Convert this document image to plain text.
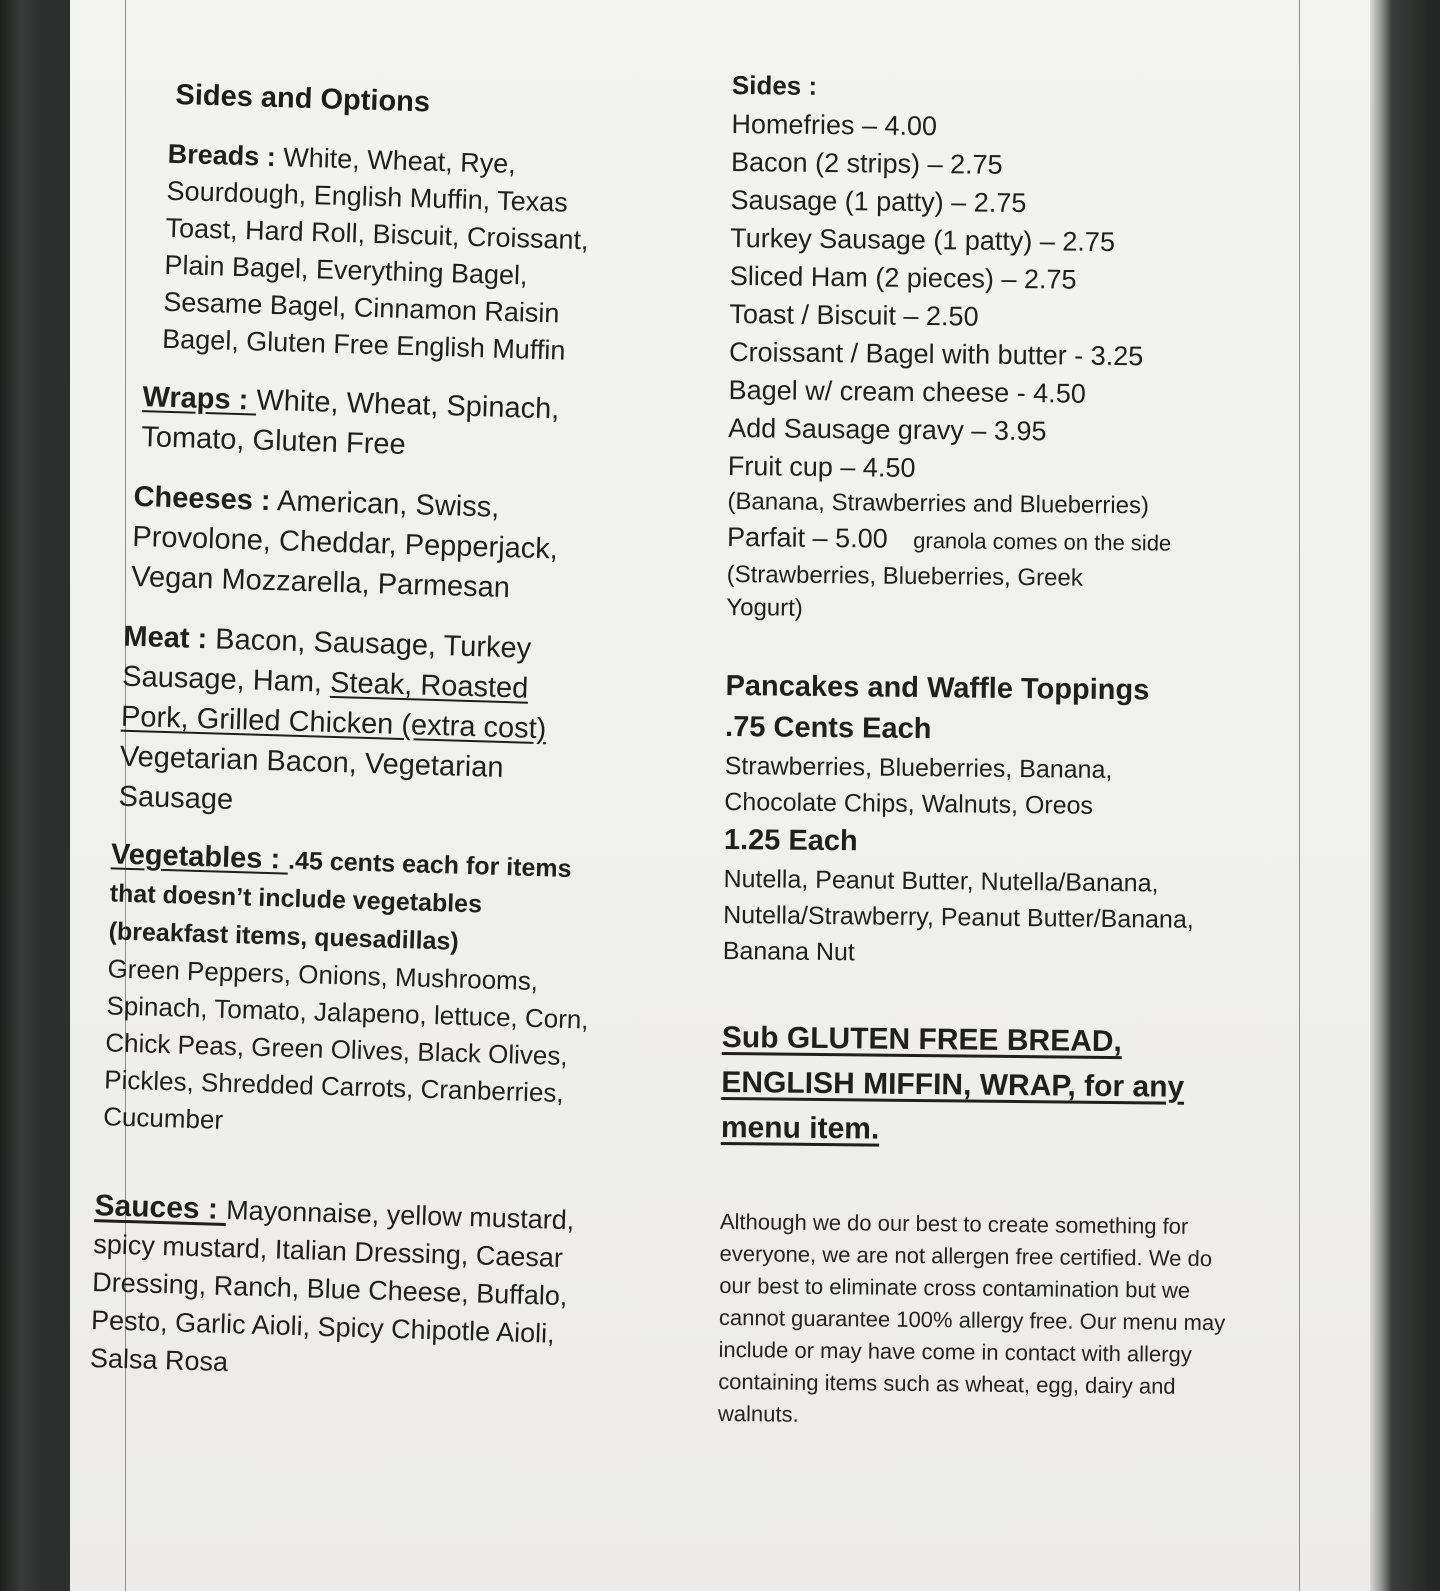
Sides and Options
Breads : White, Wheat, Rye, Sourdough, English Muffin, Texas Toast, Hard Roll, Biscuit, Croissant, Plain Bagel, Everything Bagel, Sesame Bagel, Cinnamon Raisin Bagel, Gluten Free English Muffin
Wraps : White, Wheat, Spinach, Tomato, Gluten Free
Cheeses : American, Swiss, Provolone, Cheddar, Pepperjack, Vegan Mozzarella, Parmesan
Meat : Bacon, Sausage, Turkey Sausage, Ham, Steak, Roasted Pork, Grilled Chicken (extra cost) Vegetarian Bacon, Vegetarian Sausage
Vegetables : .45 cents each for items that doesn’t include vegetables (breakfast items, quesadillas)
Green Peppers, Onions, Mushrooms, Spinach, Tomato, Jalapeno, lettuce, Corn, Chick Peas, Green Olives, Black Olives, Pickles, Shredded Carrots, Cranberries, Cucumber
Sauces : Mayonnaise, yellow mustard, spicy mustard, Italian Dressing, Caesar Dressing, Ranch, Blue Cheese, Buffalo, Pesto, Garlic Aioli, Spicy Chipotle Aioli, Salsa Rosa
Sides :
Homefries – 4.00
Bacon (2 strips) – 2.75
Sausage (1 patty) – 2.75
Turkey Sausage (1 patty) – 2.75
Sliced Ham (2 pieces) – 2.75
Toast / Biscuit – 2.50
Croissant / Bagel with butter - 3.25
Bagel w/ cream cheese - 4.50
Add Sausage gravy – 3.95
Fruit cup – 4.50
(Banana, Strawberries and Blueberries)
Parfait – 5.00 granola comes on the side
(Strawberries, Blueberries, Greek Yogurt)
Pancakes and Waffle Toppings
.75 Cents Each
Strawberries, Blueberries, Banana, Chocolate Chips, Walnuts, Oreos
1.25 Each
Nutella, Peanut Butter, Nutella/Banana, Nutella/Strawberry, Peanut Butter/Banana, Banana Nut
Sub GLUTEN FREE BREAD, ENGLISH MIFFIN, WRAP, for any menu item.
Although we do our best to create something for everyone, we are not allergen free certified. We do our best to eliminate cross contamination but we cannot guarantee 100% allergy free. Our menu may include or may have come in contact with allergy containing items such as wheat, egg, dairy and walnuts.
